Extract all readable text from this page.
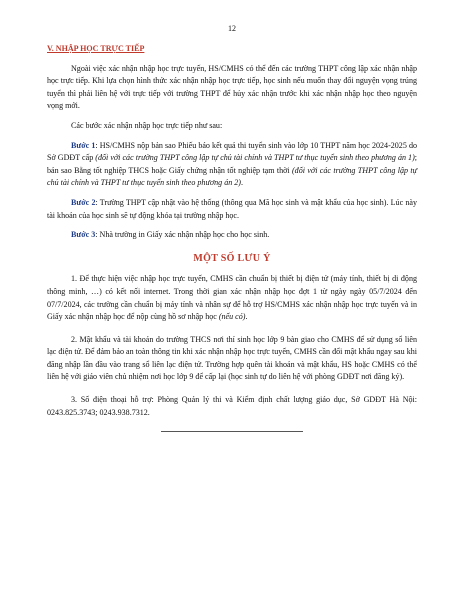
12

V. NHẬP HỌC TRỰC TIẾP

Ngoài việc xác nhận nhập học trực tuyến, HS/CMHS có thể đến các trường THPT công lập xác nhận nhập học trực tiếp. Khi lựa chọn hình thức xác nhận nhập học trực tiếp, học sinh nếu muốn thay đổi nguyện vọng trúng tuyển thì phải liên hệ với trực tiếp với trường THPT để hủy xác nhận trước khi xác nhận nhập học theo nguyện vọng mới.

Các bước xác nhận nhập học trực tiếp như sau:

Bước 1: HS/CMHS nộp bản sao Phiếu báo kết quả thi tuyển sinh vào lớp 10 THPT năm học 2024-2025 do Sở GDĐT cấp (đối với các trường THPT công lập tự chủ tài chính và THPT tư thục tuyển sinh theo phương án 1); bản sao Bằng tốt nghiệp THCS hoặc Giấy chứng nhận tốt nghiệp tạm thời (đối với các trường THPT công lập tự chủ tài chính và THPT tư thục tuyển sinh theo phương án 2).

Bước 2: Trường THPT cập nhật vào hệ thống (thông qua Mã học sinh và mật khẩu của học sinh). Lúc này tài khoản của học sinh sẽ tự động khóa tại trường nhập học.

Bước 3: Nhà trường in Giấy xác nhận nhập học cho học sinh.

MỘT SỐ LƯU Ý

1. Để thực hiện việc nhập học trực tuyến, CMHS cần chuẩn bị thiết bị điện tử (máy tính, thiết bị di động thông minh, …) có kết nối internet. Trong thời gian xác nhận nhập học đợt 1 từ ngày ngày 05/7/2024 đến 07/7/2024, các trường cần chuẩn bị máy tính và nhân sự để hỗ trợ HS/CMHS xác nhận nhập học trực tuyến và in Giấy xác nhận nhập học để nộp cùng hồ sơ nhập học (nếu có).

2. Mật khẩu và tài khoản do trường THCS nơi thí sinh học lớp 9 bàn giao cho CMHS để sử dụng sổ liên lạc điện tử. Để đảm bảo an toàn thông tin khi xác nhận nhập học trực tuyến, CMHS cần đổi mật khẩu ngay sau khi đăng nhập lần đầu vào trang sổ liên lạc điện tử. Trường hợp quên tài khoản và mật khẩu, HS hoặc CMHS có thể liên hệ với giáo viên chủ nhiệm nơi học lớp 9 để cấp lại (học sinh tự do liên hệ với phòng GDĐT nơi đăng ký).

3. Số điện thoại hỗ trợ: Phòng Quản lý thi và Kiểm định chất lượng giáo dục, Sở GDĐT Hà Nội: 0243.825.3743; 0243.938.7312.
